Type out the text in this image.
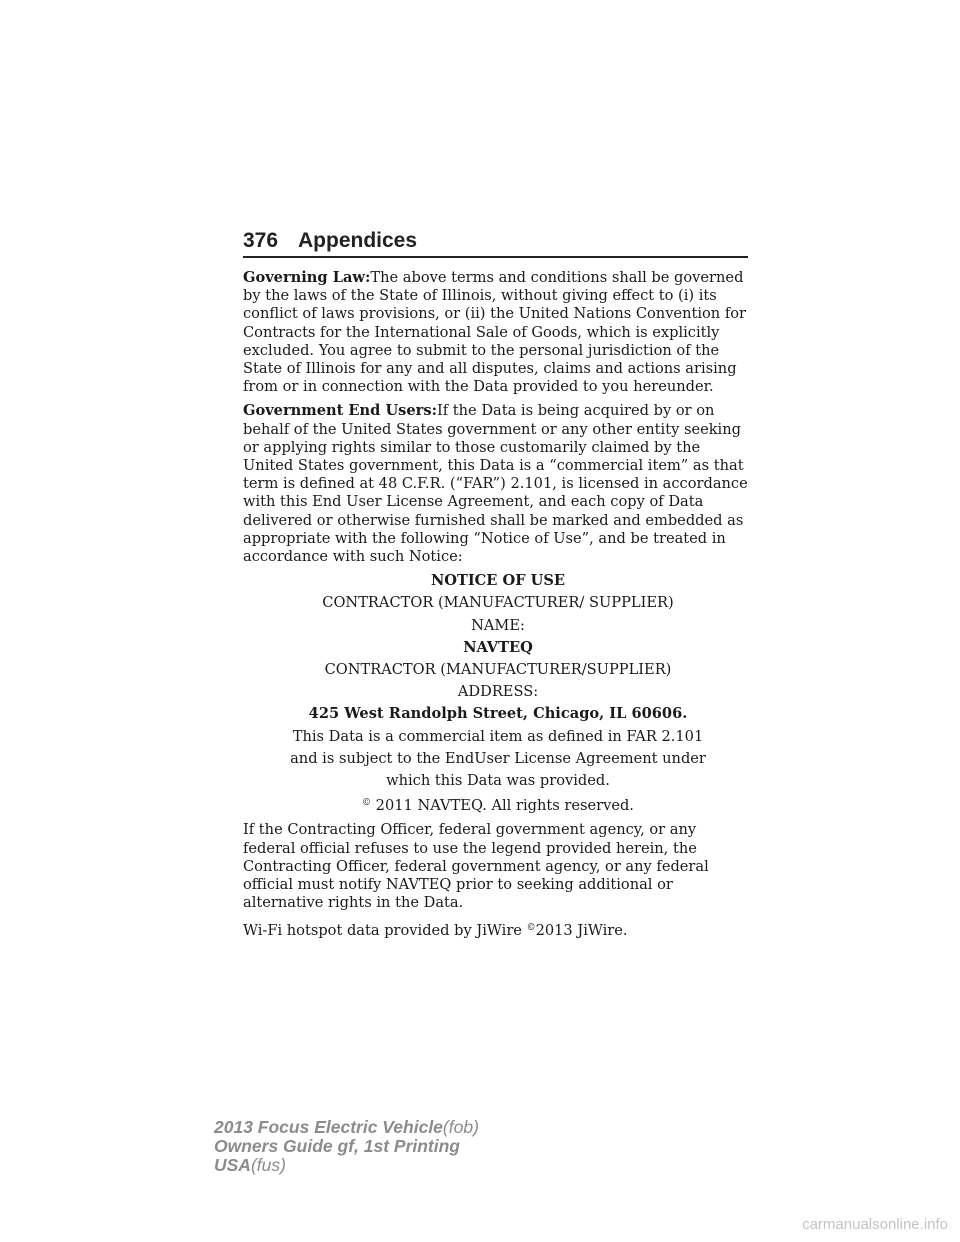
376 Appendices

Governing Law:The above terms and conditions shall be governed by the laws of the State of Illinois, without giving effect to (i) its conflict of laws provisions, or (ii) the United Nations Convention for Contracts for the International Sale of Goods, which is explicitly excluded. You agree to submit to the personal jurisdiction of the State of Illinois for any and all disputes, claims and actions arising from or in connection with the Data provided to you hereunder.

Government End Users:If the Data is being acquired by or on behalf of the United States government or any other entity seeking or applying rights similar to those customarily claimed by the United States government, this Data is a “commercial item” as that term is defined at 48 C.F.R. (“FAR”) 2.101, is licensed in accordance with this End User License Agreement, and each copy of Data delivered or otherwise furnished shall be marked and embedded as appropriate with the following “Notice of Use”, and be treated in accordance with such Notice:

NOTICE OF USE
CONTRACTOR (MANUFACTURER/ SUPPLIER)
NAME:
NAVTEQ
CONTRACTOR (MANUFACTURER/SUPPLIER)
ADDRESS:
425 West Randolph Street, Chicago, IL 60606.
This Data is a commercial item as defined in FAR 2.101
and is subject to the EndUser License Agreement under
which this Data was provided.
© 2011 NAVTEQ. All rights reserved.

If the Contracting Officer, federal government agency, or any federal official refuses to use the legend provided herein, the Contracting Officer, federal government agency, or any federal official must notify NAVTEQ prior to seeking additional or alternative rights in the Data.

Wi-Fi hotspot data provided by JiWire ©2013 JiWire.

2013 Focus Electric Vehicle(fob)
Owners Guide gf, 1st Printing
USA(fus)
carmanualsonline.info
